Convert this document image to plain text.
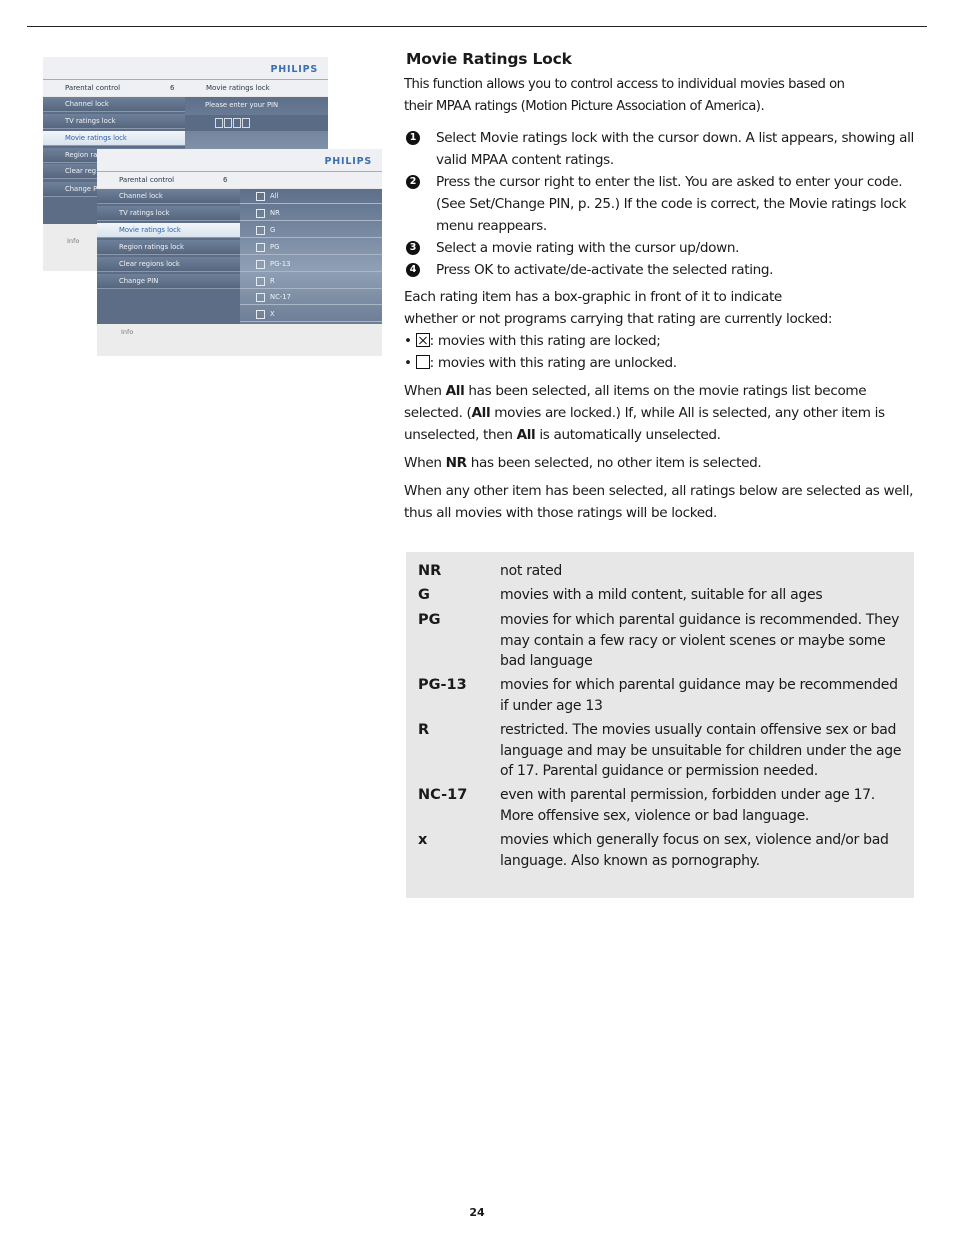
PHILIPS
Parental control	6	Movie ratings lock
Channel lock
TV ratings lock
Movie ratings lock
Region ra
Clear reg
Change P
Please enter your PIN
Info
PHILIPS
Parental control	6
Channel lock
TV ratings lock
Movie ratings lock
Region ratings lock
Clear regions lock
Change PIN
All
NR
G
PG
PG-13
R
NC-17
X
Info
Movie Ratings Lock
This function allows you to control access to individual movies based on
their MPAA ratings (Motion Picture Association of America).
1 Select Movie ratings lock with the cursor down. A list appears, showing all valid MPAA content ratings.
2 Press the cursor right to enter the list. You are asked to enter your code. (See Set/Change PIN, p. 25.) If the code is correct, the Movie ratings lock menu reappears.
3 Select a movie rating with the cursor up/down.
4 Press OK to activate/de-activate the selected rating.
Each rating item has a box-graphic in front of it to indicate
whether or not programs carrying that rating are currently locked:
• : movies with this rating are locked;
• : movies with this rating are unlocked.

When All has been selected, all items on the movie ratings list become selected. (All movies are locked.) If, while All is selected, any other item is unselected, then All is automatically unselected.

When NR has been selected, no other item is selected.

When any other item has been selected, all ratings below are selected as well, thus all movies with those ratings will be locked.

NR	not rated
G	movies with a mild content, suitable for all ages
PG	movies for which parental guidance is recommended. They may contain a few racy or violent scenes or maybe some bad language
PG-13 movies for which parental guidance may be recommended if under age 13
R	restricted. The movies usually contain offensive sex or bad language and may be unsuitable for children under the age of 17. Parental guidance or permission needed.
NC-17 even with parental permission, forbidden under age 17. More offensive sex, violence or bad language.
x	movies which generally focus on sex, violence and/or bad language. Also known as pornography.
24
